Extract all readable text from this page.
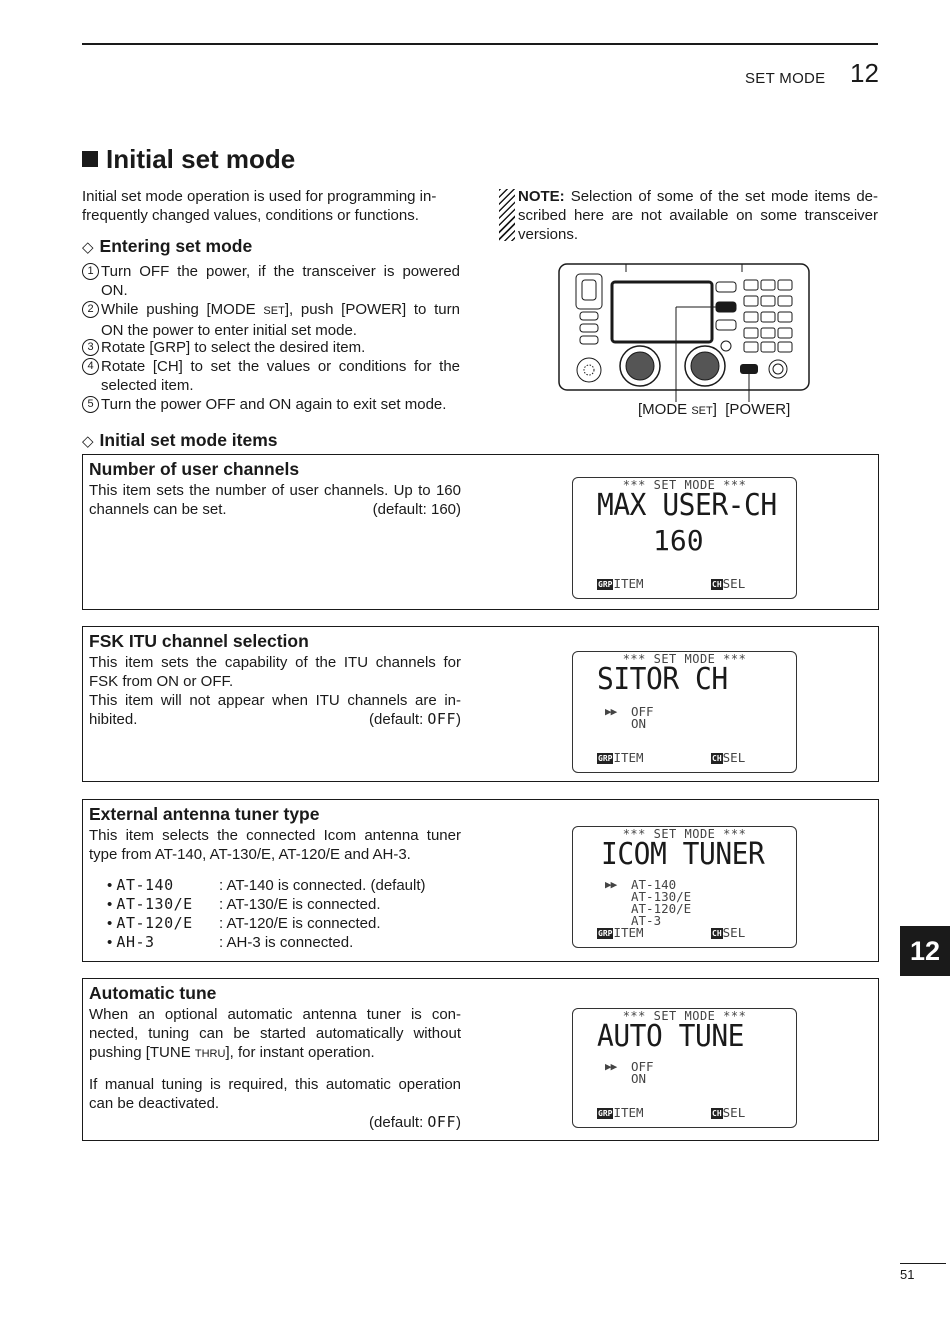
SET MODE 12
Initial set mode
Initial set mode operation is used for programming in-frequently changed values, conditions or functions.
NOTE: Selection of some of the set mode items de-scribed here are not available on some transceiver versions.
◇ Entering set mode
1 Turn OFF the power, if the transceiver is powered ON.
2 While pushing [MODE SET], push [POWER] to turn ON the power to enter initial set mode.
3 Rotate [GRP] to select the desired item.
4 Rotate [CH] to set the values or conditions for the selected item.
5 Turn the power OFF and ON again to exit set mode.	[MODE SET] [POWER]
◇ Initial set mode items
Number of user channels
This item sets the number of user channels. Up to 160 channels can be set.	(default: 160)
*** SET MODE ***
MAX USER-CH
160
GRPITEM	CHSEL
FSK ITU channel selection
This item sets the capability of the ITU channels for FSK from ON or OFF.
This item will not appear when ITU channels are in-hibited.	(default: OFF)
*** SET MODE ***
SITOR CH
▶▶ OFF
ON
GRPITEM	CHSEL
External antenna tuner type
This item selects the connected Icom antenna tuner type from AT-140, AT-130/E, AT-120/E and AH-3.
• AT-140	: AT-140 is connected. (default)
• AT-130/E : AT-130/E is connected.
• AT-120/E : AT-120/E is connected.
• AH-3	: AH-3 is connected.
*** SET MODE ***
ICOM TUNER
▶▶ AT-140
AT-130/E
AT-120/E
AT-3
GRPITEM	CHSEL
Automatic tune
When an optional automatic antenna tuner is con-nected, tuning can be started automatically without pushing [TUNE THRU], for instant operation.
If manual tuning is required, this automatic operation can be deactivated.
(default: OFF)
*** SET MODE ***
AUTO TUNE
▶▶ OFF
ON
GRPITEM	CHSEL
12
51
